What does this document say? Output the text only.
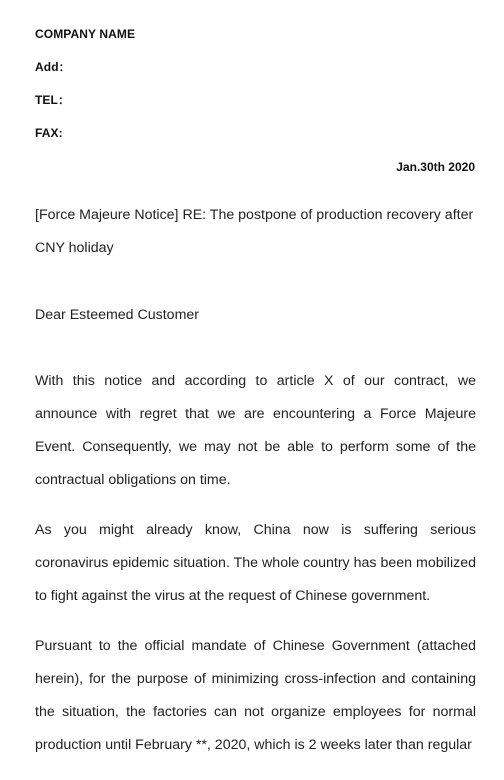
COMPANY NAME
Add：
TEL：
FAX:
Jan.30th 2020

[Force Majeure Notice] RE: The postpone of production recovery after CNY holiday

Dear Esteemed Customer

With this notice and according to article X of our contract, we announce with regret that we are encountering a Force Majeure Event. Consequently, we may not be able to perform some of the contractual obligations on time.

As you might already know, China now is suffering serious coronavirus epidemic situation. The whole country has been mobilized to fight against the virus at the request of Chinese government.

Pursuant to the official mandate of Chinese Government (attached herein), for the purpose of minimizing cross-infection and containing the situation, the factories can not organize employees for normal production until February **, 2020, which is 2 weeks later than regular
